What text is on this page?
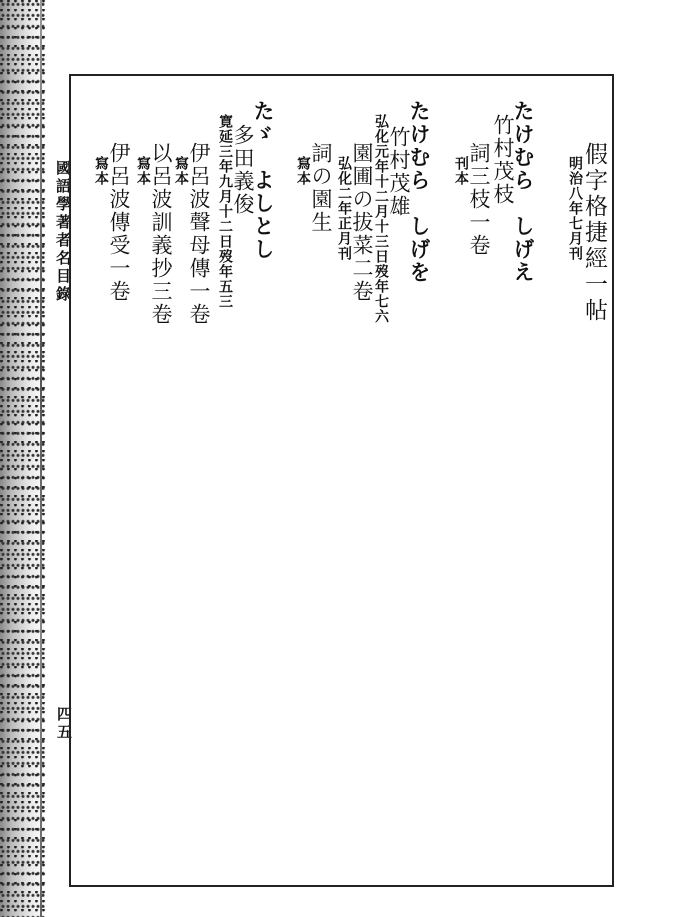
國語學著者名目錄
四五
假字格捷經一帖
明治八年七月刊
たけむら　しげえ
竹村茂枝
詞三枝一卷
刊本
たけむら　しげを
竹村茂雄
弘化元年十二月十三日歿年七六
園圃の拔菜二卷
弘化二年正月刊
詞の園生
寫本
たゞ　よしとし
多田義俊
寛延三年九月十二日歿年五三
伊呂波聲母傳一卷
寫本
以呂波訓義抄三卷
寫本
伊呂波傳受一卷
寫本
